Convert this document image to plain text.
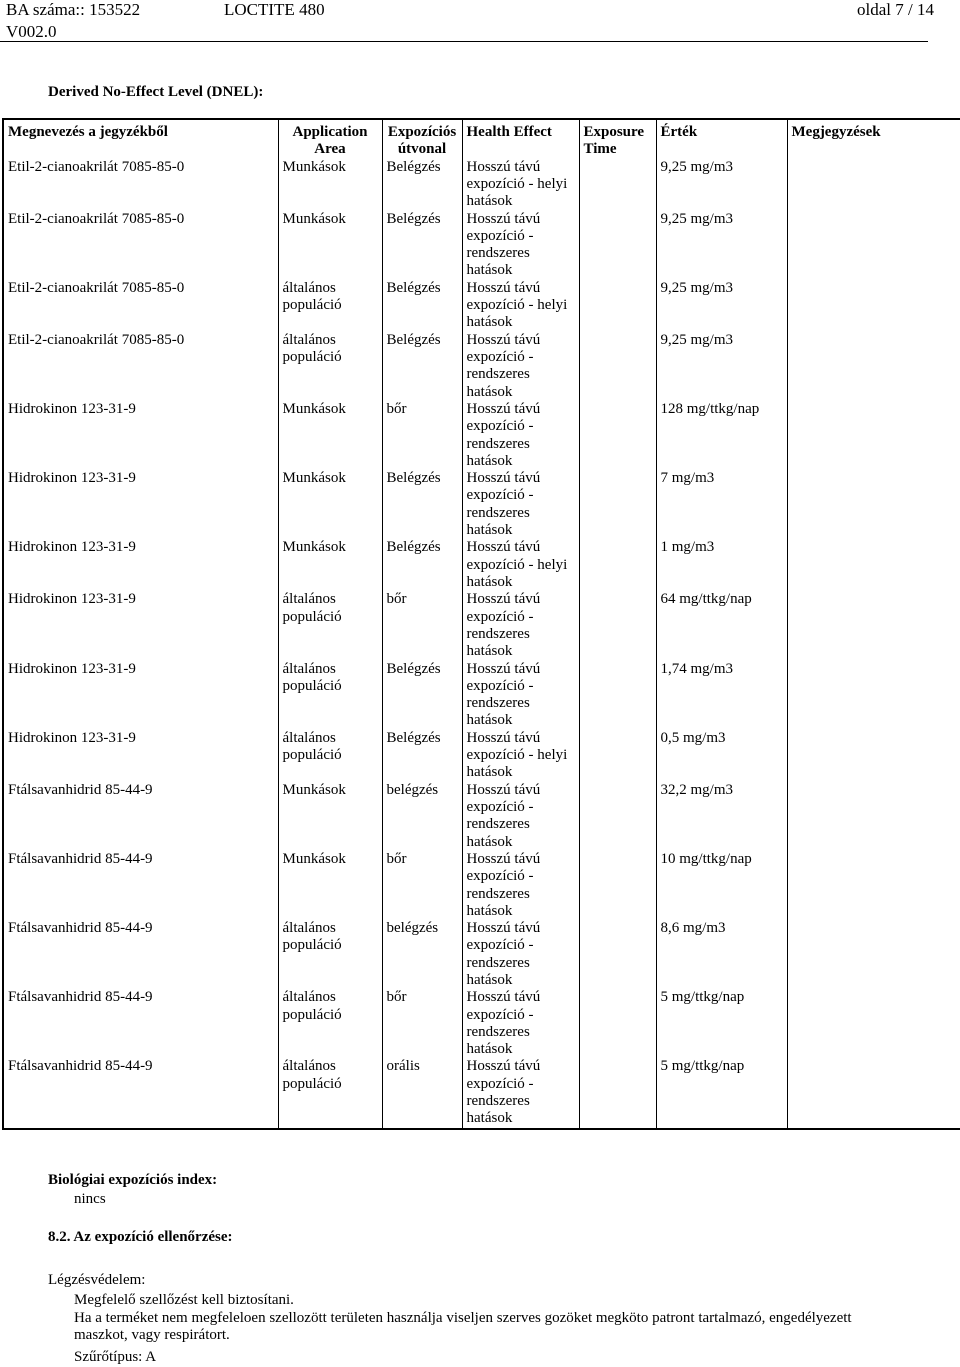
BA száma:: 153522	LOCTITE 480	oldal 7 / 14
V002.0
Derived No-Effect Level (DNEL):
Megnevezés a jegyzékből	Application Area	Expozíciós útvonal	Health Effect	Exposure Time	Érték	Megjegyzések
Etil-2-cianoakrilát 7085-85-0	Munkások	Belégzés	Hosszú távú expozíció - helyi hatások		9,25 mg/m3	
Etil-2-cianoakrilát 7085-85-0	Munkások	Belégzés	Hosszú távú expozíció - rendszeres hatások		9,25 mg/m3	
Etil-2-cianoakrilát 7085-85-0	általános populáció	Belégzés	Hosszú távú expozíció - helyi hatások		9,25 mg/m3	
Etil-2-cianoakrilát 7085-85-0	általános populáció	Belégzés	Hosszú távú expozíció - rendszeres hatások		9,25 mg/m3	
Hidrokinon 123-31-9	Munkások	bőr	Hosszú távú expozíció - rendszeres hatások		128 mg/ttkg/nap	
Hidrokinon 123-31-9	Munkások	Belégzés	Hosszú távú expozíció - rendszeres hatások		7 mg/m3	
Hidrokinon 123-31-9	Munkások	Belégzés	Hosszú távú expozíció - helyi hatások		1 mg/m3	
Hidrokinon 123-31-9	általános populáció	bőr	Hosszú távú expozíció - rendszeres hatások		64 mg/ttkg/nap	
Hidrokinon 123-31-9	általános populáció	Belégzés	Hosszú távú expozíció - rendszeres hatások		1,74 mg/m3	
Hidrokinon 123-31-9	általános populáció	Belégzés	Hosszú távú expozíció - helyi hatások		0,5 mg/m3	
Ftálsavanhidrid 85-44-9	Munkások	belégzés	Hosszú távú expozíció - rendszeres hatások		32,2 mg/m3	
Ftálsavanhidrid 85-44-9	Munkások	bőr	Hosszú távú expozíció - rendszeres hatások		10 mg/ttkg/nap	
Ftálsavanhidrid 85-44-9	általános populáció	belégzés	Hosszú távú expozíció - rendszeres hatások		8,6 mg/m3	
Ftálsavanhidrid 85-44-9	általános populáció	bőr	Hosszú távú expozíció - rendszeres hatások		5 mg/ttkg/nap	
Ftálsavanhidrid 85-44-9	általános populáció	orális	Hosszú távú expozíció - rendszeres hatások		5 mg/ttkg/nap	
Biológiai expozíciós index:
nincs
8.2. Az expozíció ellenőrzése:
Légzésvédelem:
Megfelelő szellőzést kell biztosítani.
Ha a terméket nem megfeleloen szellozött területen használja viseljen szerves gozöket megköto patront tartalmazó, engedélyezett maszkot, vagy respirátort.
Szűrőtípus: A
